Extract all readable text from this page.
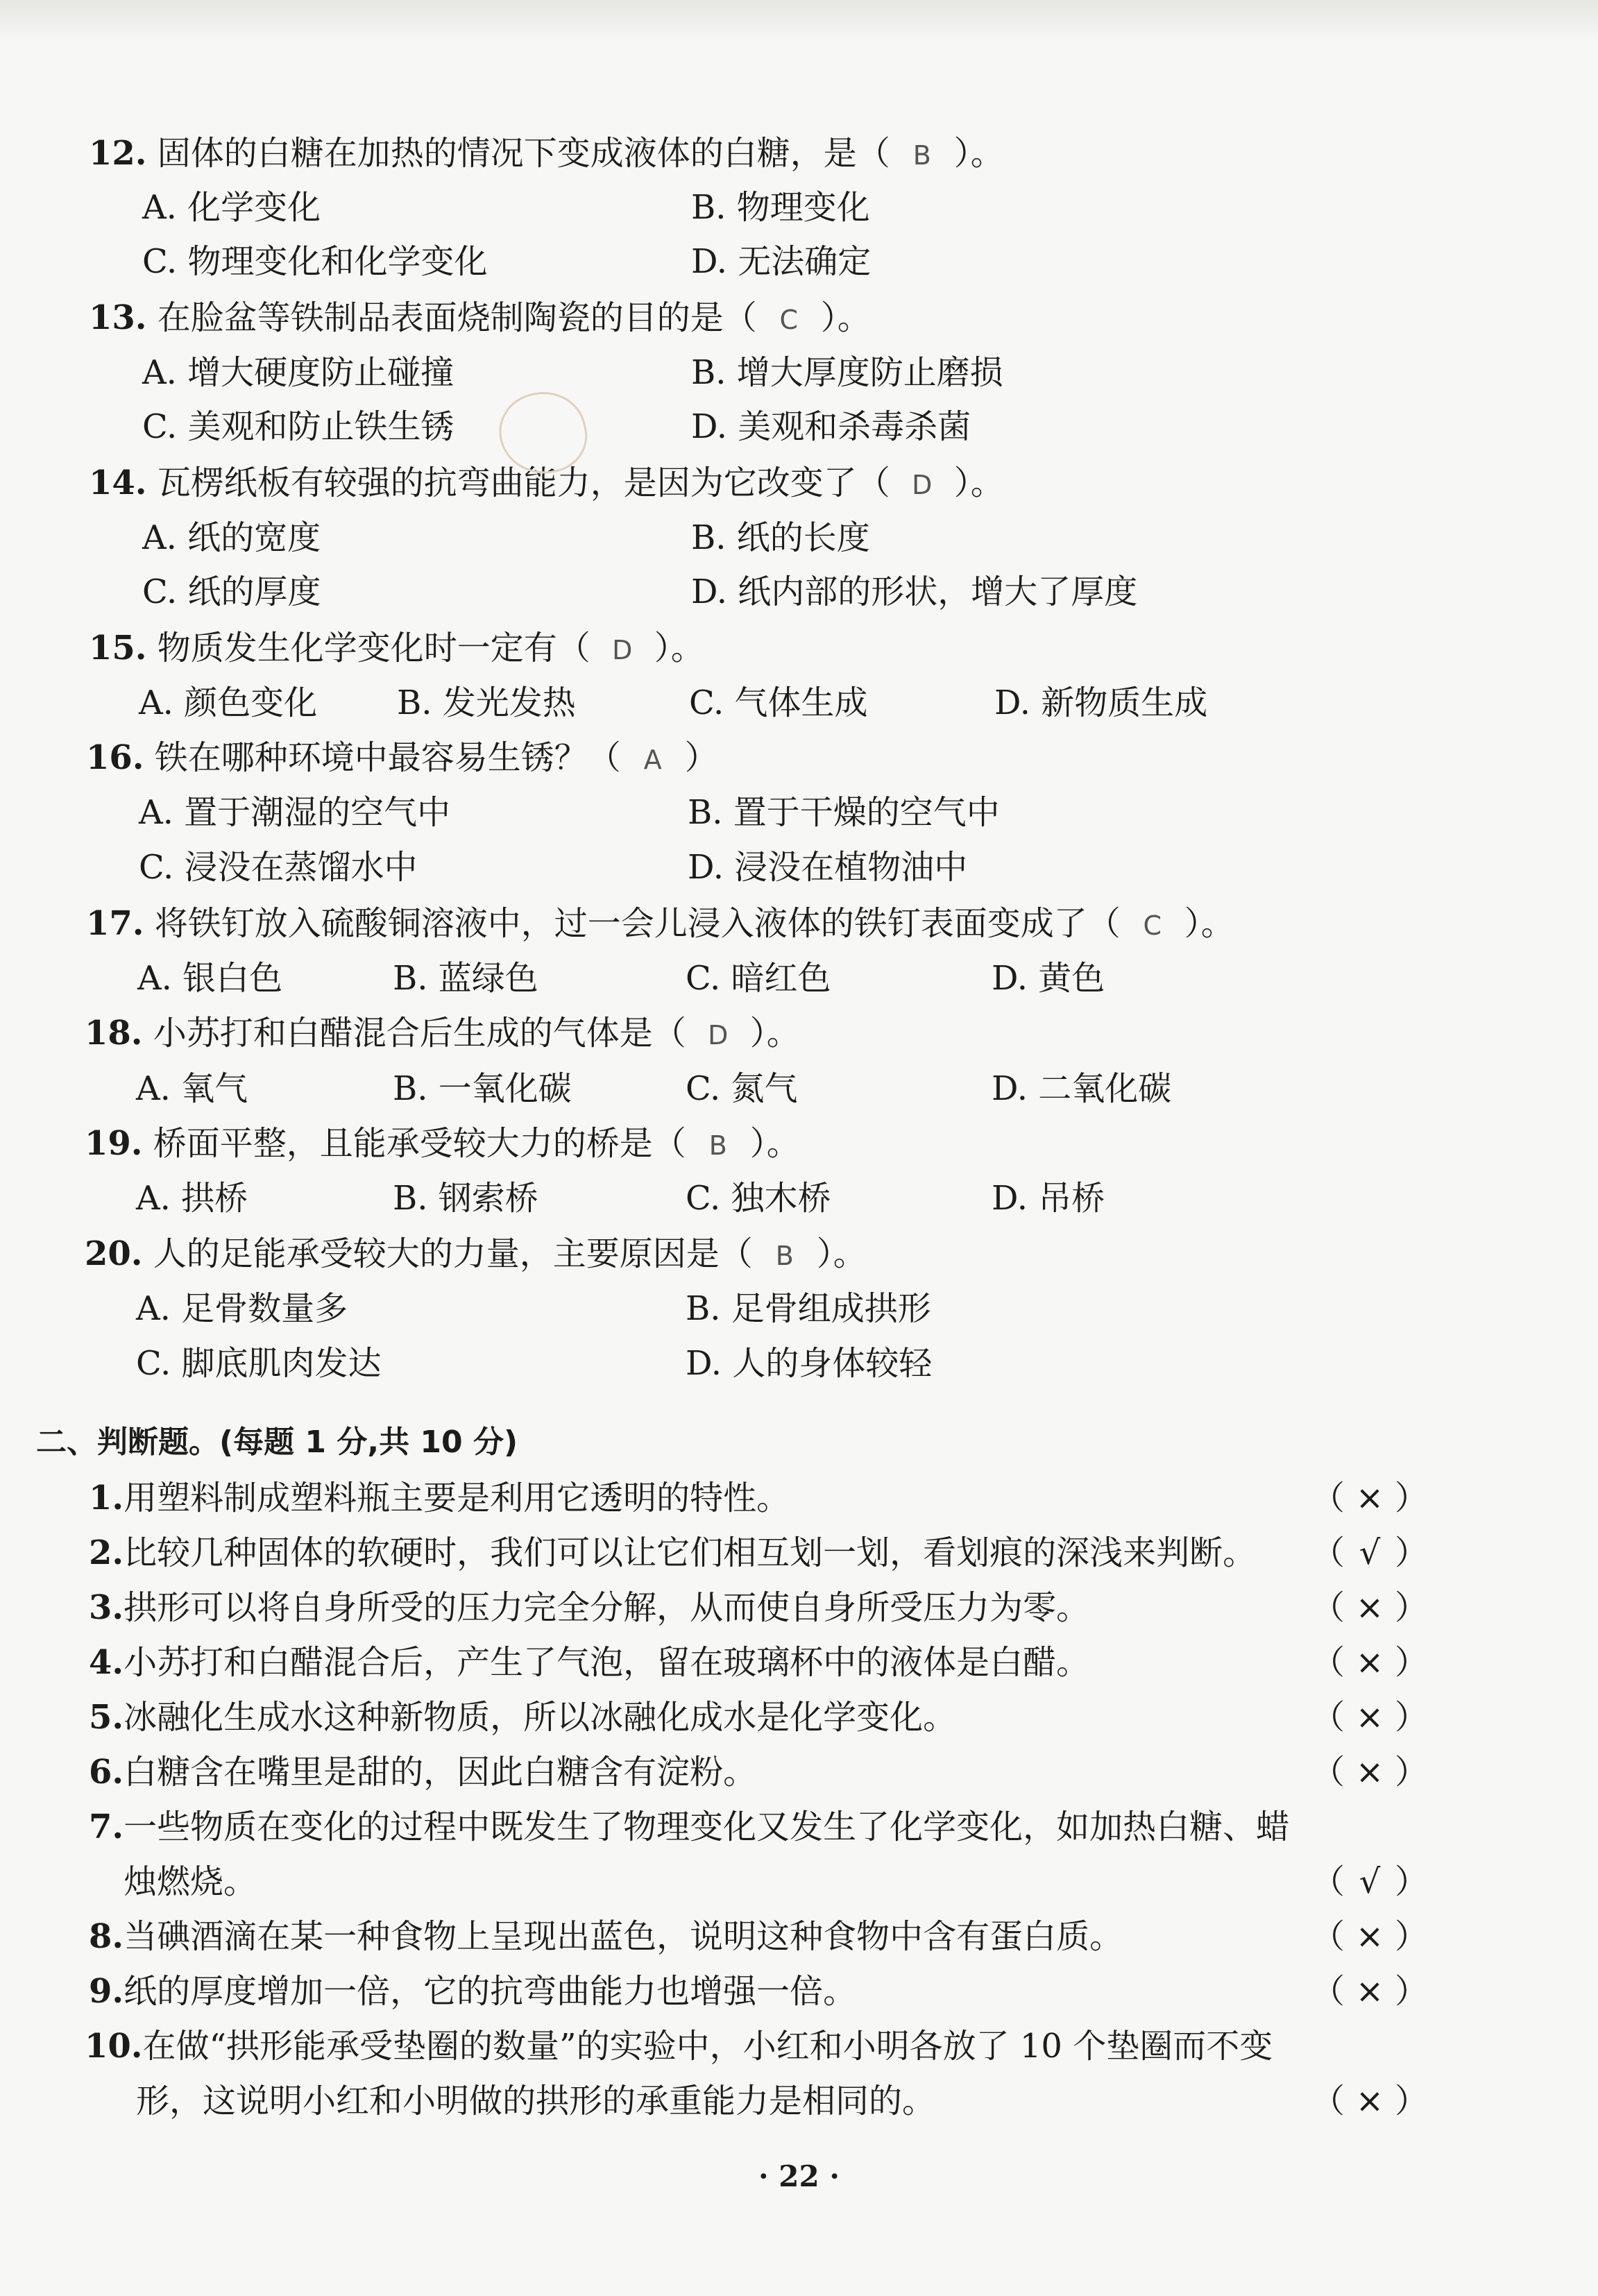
12. 固体的白糖在加热的情况下变成液体的白糖，是（ B ）。
A. 化学变化	B. 物理变化
C. 物理变化和化学变化	D. 无法确定
13. 在脸盆等铁制品表面烧制陶瓷的目的是（ C ）。
A. 增大硬度防止碰撞	B. 增大厚度防止磨损
C. 美观和防止铁生锈	D. 美观和杀毒杀菌
14. 瓦楞纸板有较强的抗弯曲能力，是因为它改变了（ D ）。
A. 纸的宽度	B. 纸的长度
C. 纸的厚度	D. 纸内部的形状，增大了厚度
15. 物质发生化学变化时一定有（ D ）。
A. 颜色变化 B. 发光发热	C. 气体生成	D. 新物质生成
16. 铁在哪种环境中最容易生锈？（ A ）
A. 置于潮湿的空气中	B. 置于干燥的空气中
C. 浸没在蒸馏水中	D. 浸没在植物油中
17. 将铁钉放入硫酸铜溶液中，过一会儿浸入液体的铁钉表面变成了（ C ）。
A. 银白色	B. 蓝绿色	C. 暗红色	D. 黄色
18. 小苏打和白醋混合后生成的气体是（ D ）。
A. 氧气	B. 一氧化碳	C. 氮气	D. 二氧化碳
19. 桥面平整，且能承受较大力的桥是（ B ）。
A. 拱桥	B. 钢索桥	C. 独木桥	D. 吊桥
20. 人的足能承受较大的力量，主要原因是（ B ）。
A. 足骨数量多	B. 足骨组成拱形
C. 脚底肌肉发达	D. 人的身体较轻

二、判断题。(每题 1 分,共 10 分)
1.用塑料制成塑料瓶主要是利用它透明的特性。	（ × ）
2.比较几种固体的软硬时，我们可以让它们相互划一划，看划痕的深浅来判断。 （ √ ）
3.拱形可以将自身所受的压力完全分解，从而使自身所受压力为零。	（ × ）
4.小苏打和白醋混合后，产生了气泡，留在玻璃杯中的液体是白醋。	（ × ）
5.冰融化生成水这种新物质，所以冰融化成水是化学变化。	（ × ）
6.白糖含在嘴里是甜的，因此白糖含有淀粉。	（ × ）
7.一些物质在变化的过程中既发生了物理变化又发生了化学变化，如加热白糖、蜡
烛燃烧。	（ √ ）
8.当碘酒滴在某一种食物上呈现出蓝色，说明这种食物中含有蛋白质。	（ × ）
9.纸的厚度增加一倍，它的抗弯曲能力也增强一倍。	（ × ）
10.在做“拱形能承受垫圈的数量”的实验中，小红和小明各放了 10 个垫圈而不变
形，这说明小红和小明做的拱形的承重能力是相同的。	（ × ）
· 22 ·
